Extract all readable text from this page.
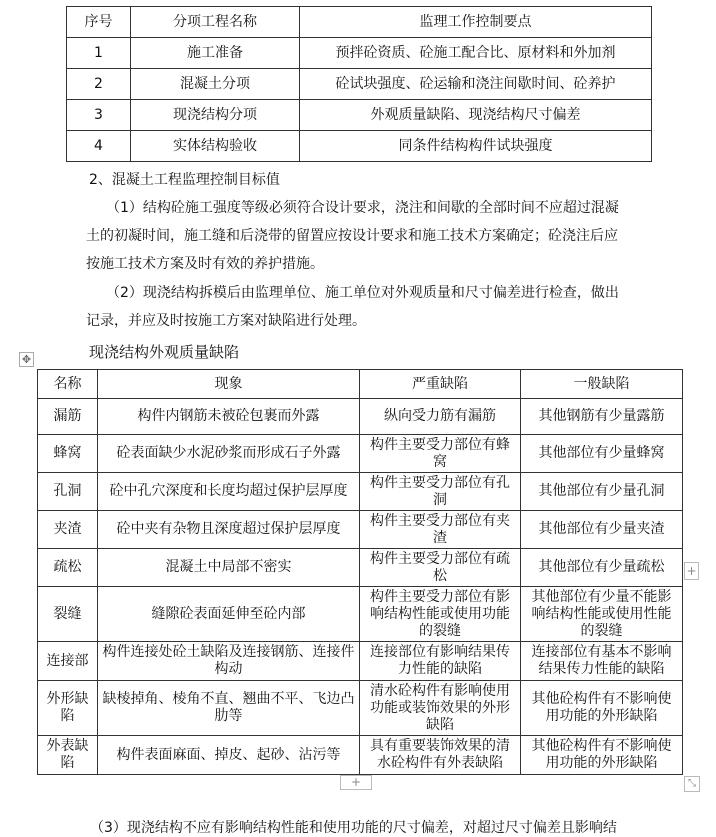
序号	分项工程名称	监理工作控制要点
1	施工准备	预拌砼资质、砼施工配合比、原材料和外加剂
2	混凝土分项	砼试块强度、砼运输和浇注间歇时间、砼养护
3	现浇结构分项	外观质量缺陷、现浇结构尺寸偏差
4	实体结构验收	同条件结构构件试块强度
2、混凝土工程监理控制目标值
（1）结构砼施工强度等级必须符合设计要求，浇注和间歇的全部时间不应超过混凝
土的初凝时间，施工缝和后浇带的留置应按设计要求和施工技术方案确定；砼浇注后应
按施工技术方案及时有效的养护措施。
（2）现浇结构拆模后由监理单位、施工单位对外观质量和尺寸偏差进行检查，做出
记录，并应及时按施工方案对缺陷进行处理。
✥	现浇结构外观质量缺陷
名称	现象	严重缺陷	一般缺陷
漏筋	构件内钢筋未被砼包裹而外露	纵向受力筋有漏筋	其他钢筋有少量露筋
蜂窝	砼表面缺少水泥砂浆而形成石子外露	构件主要受力部位有蜂窝	其他部位有少量蜂窝
孔洞	砼中孔穴深度和长度均超过保护层厚度	构件主要受力部位有孔洞	其他部位有少量孔洞
夹渣	砼中夹有杂物且深度超过保护层厚度	构件主要受力部位有夹渣	其他部位有少量夹渣
疏松	混凝土中局部不密实	构件主要受力部位有疏松	其他部位有少量疏松
裂缝	缝隙砼表面延伸至砼内部	构件主要受力部位有影响结构性能或使用功能的裂缝	其他部位有少量不能影响结构性能或使用性能的裂缝
连接部	构件连接处砼土缺陷及连接钢筋、连接件构动	连接部位有影响结果传力性能的缺陷	连接部位有基本不影响结果传力性能的缺陷
外形缺陷	缺棱掉角、棱角不直、翘曲不平、飞边凸肋等	清水砼构件有影响使用功能或装饰效果的外形缺陷	其他砼构件有不影响使用功能的外形缺陷
外表缺陷	构件表面麻面、掉皮、起砂、沾污等	具有重要装饰效果的清水砼构件有外表缺陷	其他砼构件有不影响使用功能的外形缺陷
+
+
⤡
（3）现浇结构不应有影响结构性能和使用功能的尺寸偏差，对超过尺寸偏差且影响结
